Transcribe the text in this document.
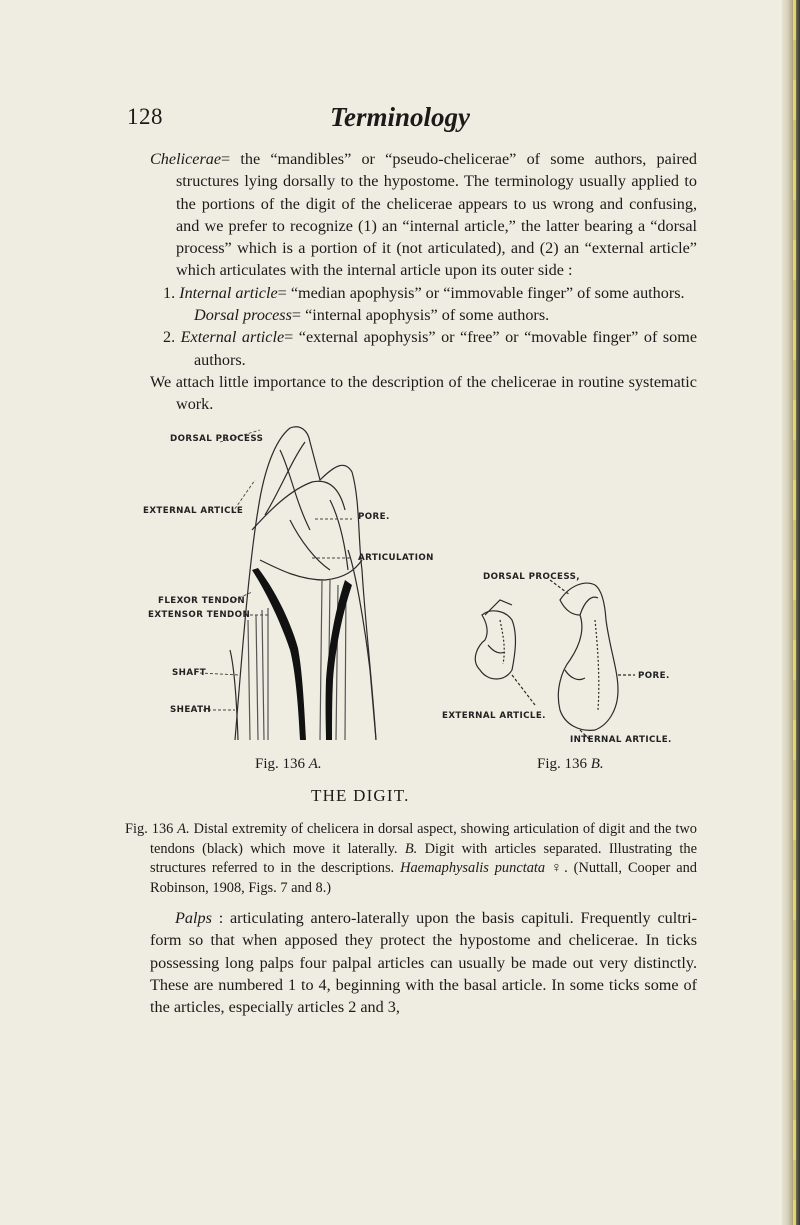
128	Terminology

Chelicerae= the “mandibles” or “pseudo-chelicerae” of some authors, paired structures lying dorsally to the hypostome. The terminology usually applied to the portions of the digit of the chelicerae appears to us wrong and confusing, and we prefer to recognize (1) an “internal article,” the latter bearing a “dorsal process” which is a portion of it (not articulated), and (2) an “external article” which articulates with the internal article upon its outer side :

1. Internal article= “median apophysis” or “immovable finger” of some authors.

Dorsal process= “internal apophysis” of some authors.

2. External article= “external apophysis” or “free” or “movable finger” of some authors.

We attach little importance to the description of the chelicerae in routine systematic work.

DORSAL PROCESS
EXTERNAL ARTICLE
PORE.
ARTICULATION
FLEXOR TENDON
EXTENSOR TENDON
SHAFT
SHEATH
DORSAL PROCESS,
PORE.
EXTERNAL ARTICLE.
INTERNAL ARTICLE.
Fig. 136 A.	Fig. 136 B.
THE DIGIT.

Fig. 136 A. Distal extremity of chelicera in dorsal aspect, showing articulation of digit and the two tendons (black) which move it laterally. B. Digit with articles separated. Illustrating the structures referred to in the descriptions. Haemaphysalis punctata ♀. (Nuttall, Cooper and Robinson, 1908, Figs. 7 and 8.)

Palps : articulating antero-laterally upon the basis capituli. Frequently cultri-form so that when apposed they protect the hypostome and chelicerae. In ticks possessing long palps four palpal articles can usually be made out very distinctly. These are numbered 1 to 4, beginning with the basal article. In some ticks some of the articles, especially articles 2 and 3,
